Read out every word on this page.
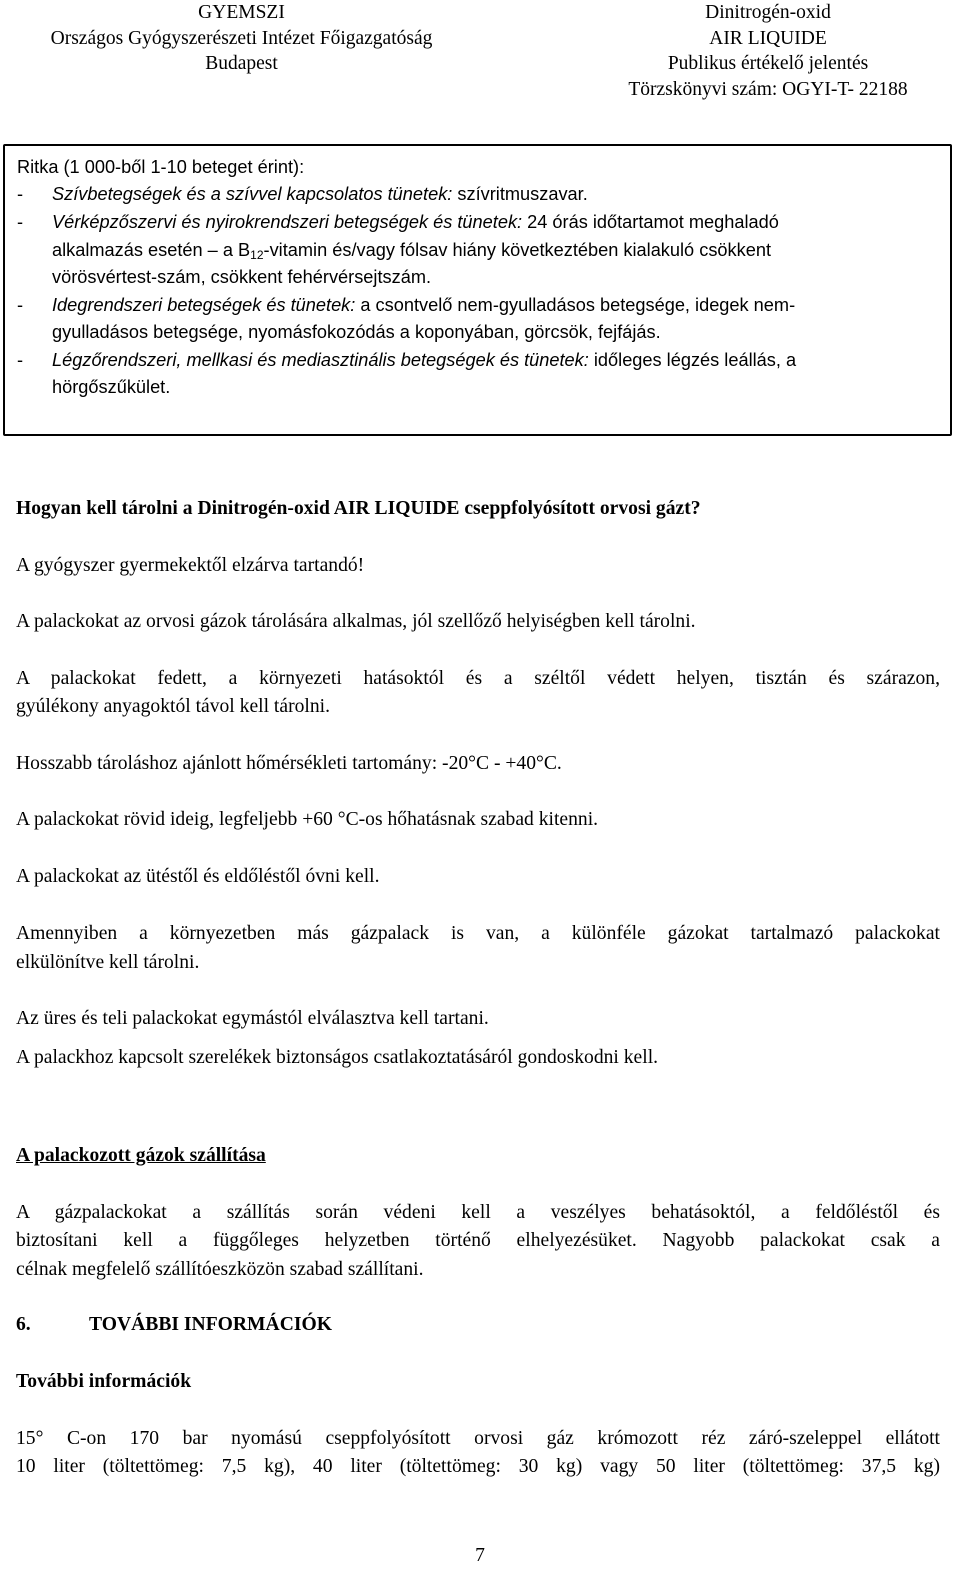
GYEMSZI
Országos Gyógyszerészeti Intézet Főigazgatóság
Budapest
Dinitrogén-oxid
AIR LIQUIDE
Publikus értékelő jelentés
Törzskönyvi szám: OGYI-T- 22188
Ritka (1 000-ből 1-10 beteget érint):
- Szívbetegségek és a szívvel kapcsolatos tünetek: szívritmuszavar.
- Vérképzőszervi és nyirokrendszeri betegségek és tünetek: 24 órás időtartamot meghaladó
alkalmazás esetén – a $B_{12}$-vitamin és/vagy fólsav hiány következtében kialakuló csökkent
vörösvértest-szám, csökkent fehérvérsejtszám.
- Idegrendszeri betegségek és tünetek: a csontvelő nem-gyulladásos betegsége, idegek nem-
gyulladásos betegsége, nyomásfokozódás a koponyában, görcsök, fejfájás.
- Légzőrendszeri, mellkasi és mediasztinális betegségek és tünetek: időleges légzés leállás, a
hörgőszűkület.
Hogyan kell tárolni a Dinitrogén-oxid AIR LIQUIDE cseppfolyósított orvosi gázt?
A gyógyszer gyermekektől elzárva tartandó!
A palackokat az orvosi gázok tárolására alkalmas, jól szellőző helyiségben kell tárolni.
A palackokat fedett, a környezeti hatásoktól és a széltől védett helyen, tisztán és szárazon,
gyúlékony anyagoktól távol kell tárolni.
Hosszabb tároláshoz ajánlott hőmérsékleti tartomány: -20°C - +40°C.
A palackokat rövid ideig, legfeljebb +60 °C-os hőhatásnak szabad kitenni.
A palackokat az ütéstől és eldőléstől óvni kell.
Amennyiben a környezetben más gázpalack is van, a különféle gázokat tartalmazó palackokat
elkülönítve kell tárolni.
Az üres és teli palackokat egymástól elválasztva kell tartani.
A palackhoz kapcsolt szerelékek biztonságos csatlakoztatásáról gondoskodni kell.
A palackozott gázok szállítása
A gázpalackokat a szállítás során védeni kell a veszélyes behatásoktól, a feldőléstől és
biztosítani kell a függőleges helyzetben történő elhelyezésüket. Nagyobb palackokat csak a
célnak megfelelő szállítóeszközön szabad szállítani.
6.	TOVÁBBI INFORMÁCIÓK
További információk
15° C-on 170 bar nyomású cseppfolyósított orvosi gáz krómozott réz záró-szeleppel ellátott
10 liter (töltettömeg: 7,5 kg), 40 liter (töltettömeg: 30 kg) vagy 50 liter (töltettömeg: 37,5 kg)
7
